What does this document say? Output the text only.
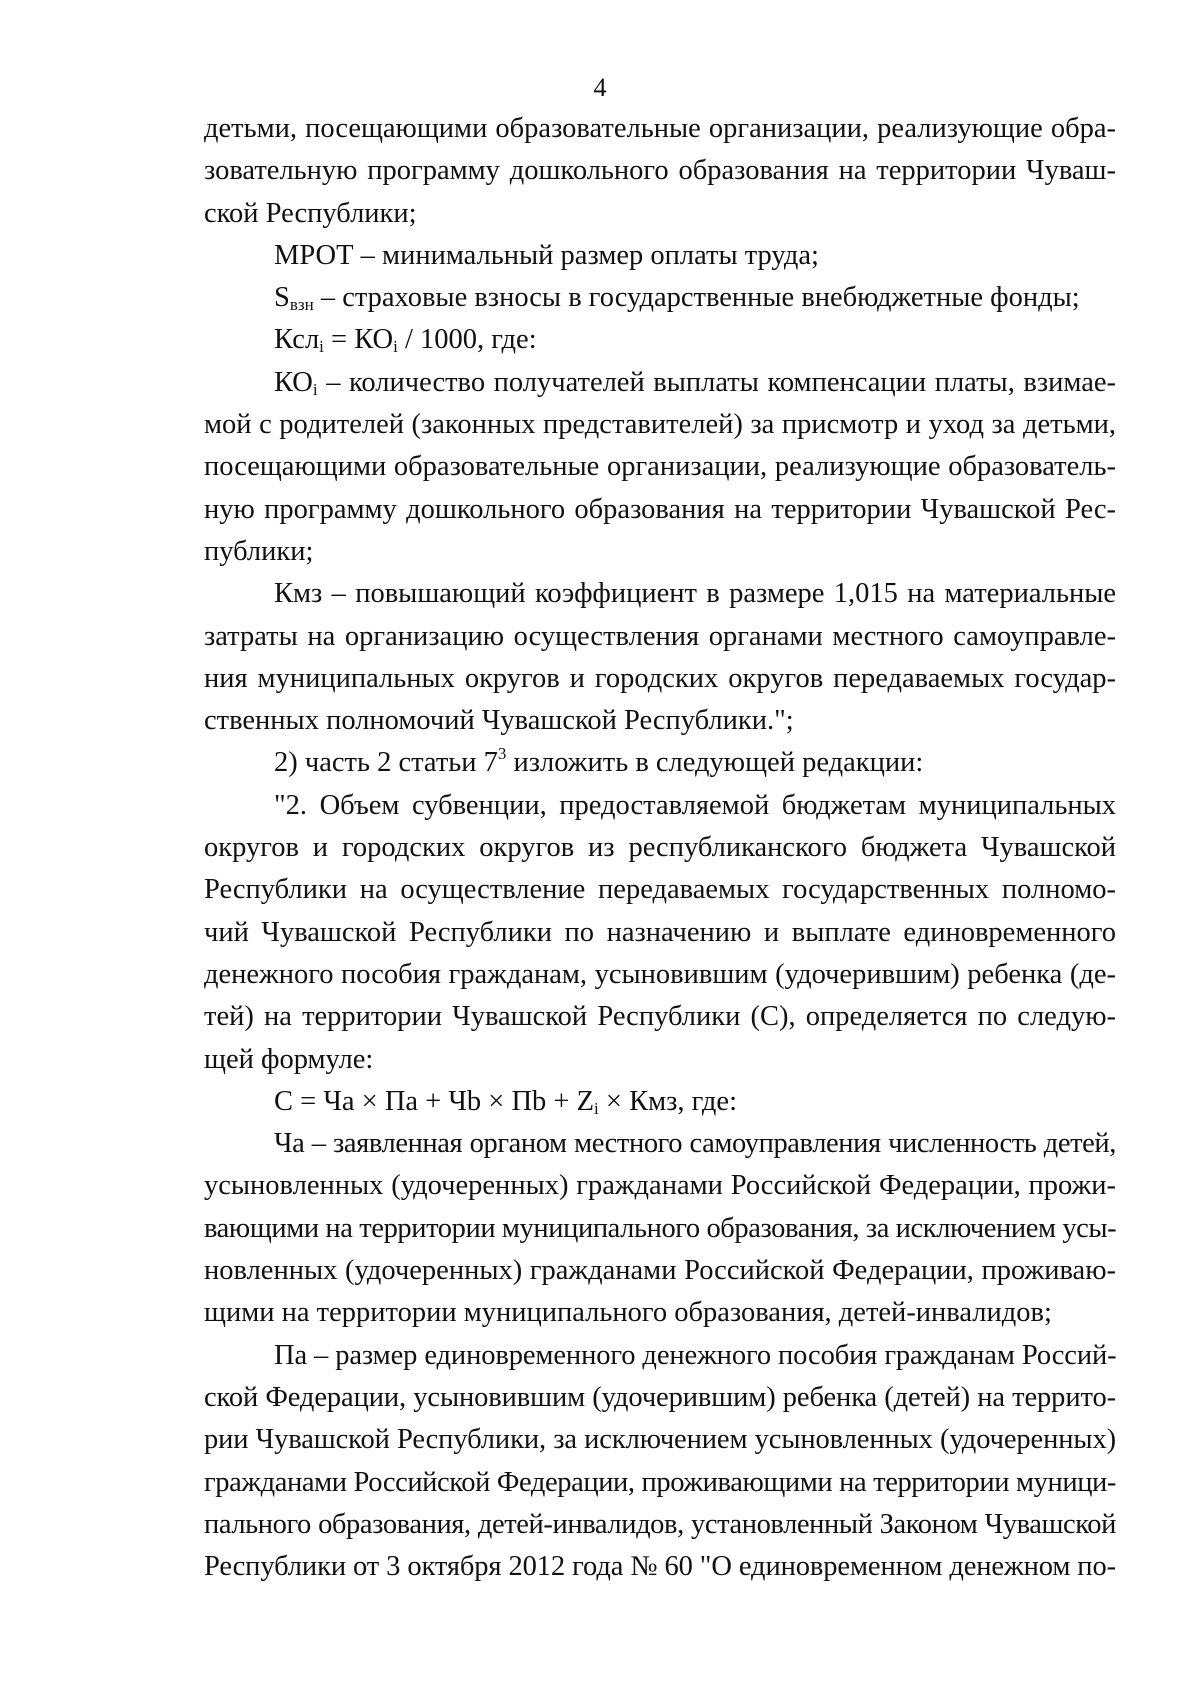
4
детьми, посещающими образовательные организации, реализующие обра-
зовательную программу дошкольного образования на территории Чуваш-
ской Республики;
МРОТ – минимальный размер оплаты труда;
$S_{взн}$ – страховые взносы в государственные внебюджетные фонды;
$Ксл_i = КО_i / 1000$, где:
$КО_i$ – количество получателей выплаты компенсации платы, взимае-
мой с родителей (законных представителей) за присмотр и уход за детьми,
посещающими образовательные организации, реализующие образователь-
ную программу дошкольного образования на территории Чувашской Рес-
публики;
Кмз – повышающий коэффициент в размере 1,015 на материальные
затраты на организацию осуществления органами местного самоуправле-
ния муниципальных округов и городских округов передаваемых государ-
ственных полномочий Чувашской Республики.";
2) часть 2 статьи $7^3$ изложить в следующей редакции:
"2. Объем субвенции, предоставляемой бюджетам муниципальных
округов и городских округов из республиканского бюджета Чувашской
Республики на осуществление передаваемых государственных полномо-
чий Чувашской Республики по назначению и выплате единовременного
денежного пособия гражданам, усыновившим (удочерившим) ребенка (де-
тей) на территории Чувашской Республики (С), определяется по следую-
щей формуле:
С = Ча × Па + Чb × Пb + $Z_i$ × Кмз, где:
Ча – заявленная органом местного самоуправления численность детей,
усыновленных (удочеренных) гражданами Российской Федерации, прожи-
вающими на территории муниципального образования, за исключением усы-
новленных (удочеренных) гражданами Российской Федерации, проживаю-
щими на территории муниципального образования, детей-инвалидов;
Па – размер единовременного денежного пособия гражданам Россий-
ской Федерации, усыновившим (удочерившим) ребенка (детей) на террито-
рии Чувашской Республики, за исключением усыновленных (удочеренных)
гражданами Российской Федерации, проживающими на территории муници-
пального образования, детей-инвалидов, установленный Законом Чувашской
Республики от 3 октября 2012 года № 60 "О единовременном денежном по-
